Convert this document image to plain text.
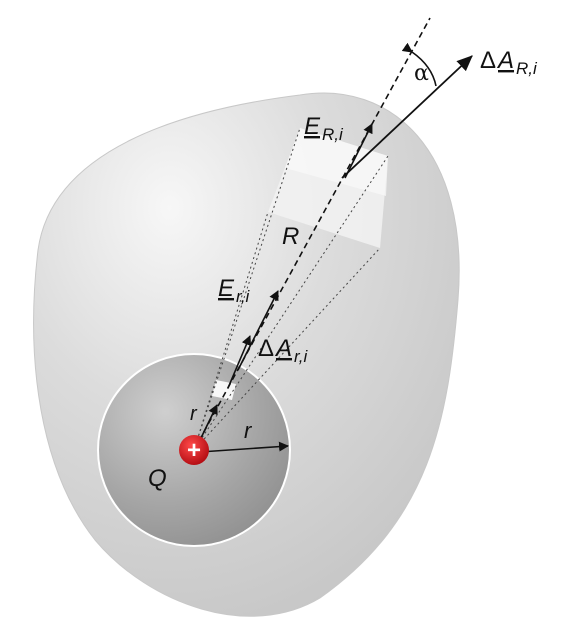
+
Q
r
r
R
E R,i
Δ A R,i
E r,i
Δ A r,i
α
